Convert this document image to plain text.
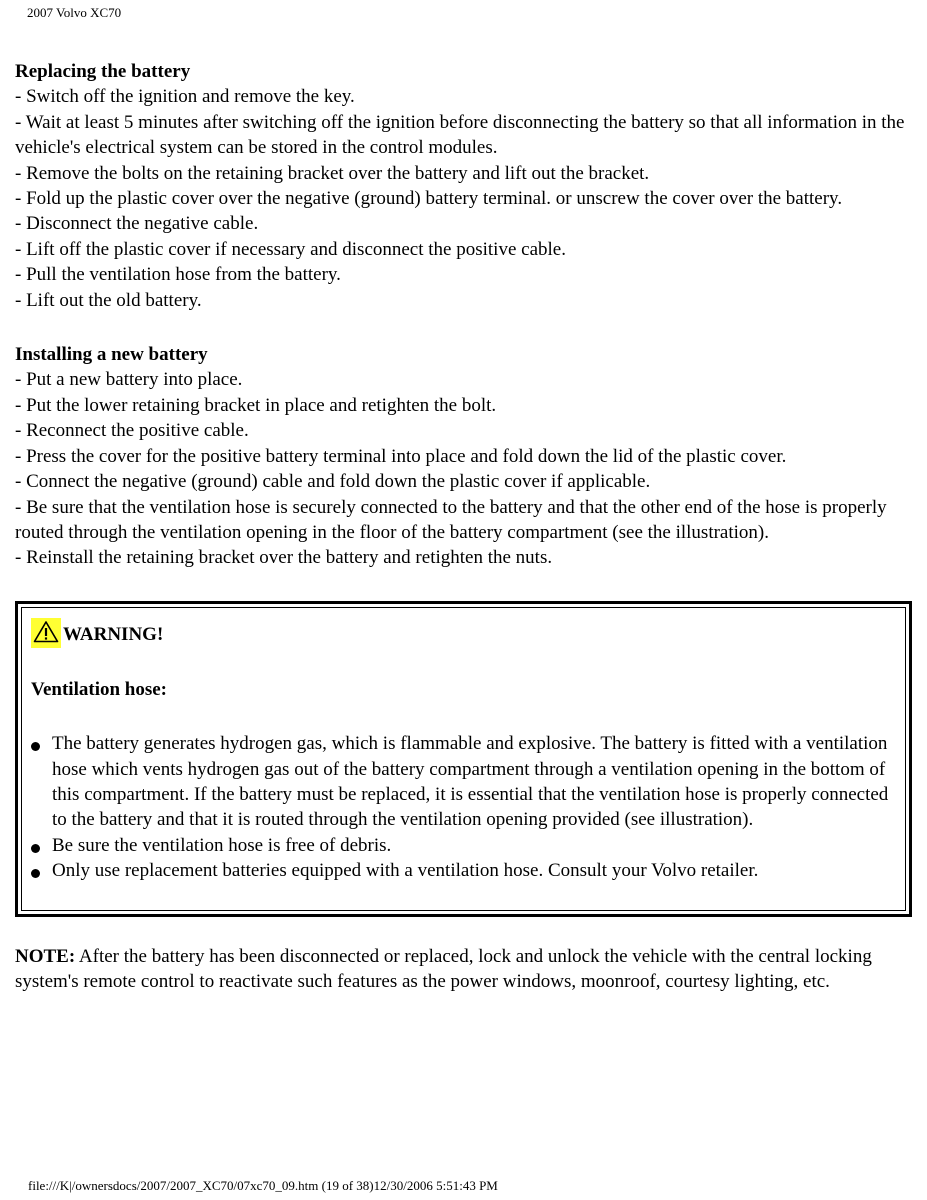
2007 Volvo XC70

Replacing the battery

- Switch off the ignition and remove the key.

- Wait at least 5 minutes after switching off the ignition before disconnecting the battery so that all information in the vehicle's electrical system can be stored in the control modules.

- Remove the bolts on the retaining bracket over the battery and lift out the bracket.

- Fold up the plastic cover over the negative (ground) battery terminal. or unscrew the cover over the battery.

- Disconnect the negative cable.

- Lift off the plastic cover if necessary and disconnect the positive cable.

- Pull the ventilation hose from the battery.

- Lift out the old battery.

Installing a new battery

- Put a new battery into place.

- Put the lower retaining bracket in place and retighten the bolt.

- Reconnect the positive cable.

- Press the cover for the positive battery terminal into place and fold down the lid of the plastic cover.

- Connect the negative (ground) cable and fold down the plastic cover if applicable.

- Be sure that the ventilation hose is securely connected to the battery and that the other end of the hose is properly routed through the ventilation opening in the floor of the battery compartment (see the illustration).

- Reinstall the retaining bracket over the battery and retighten the nuts.

WARNING!
Ventilation hose:
The battery generates hydrogen gas, which is flammable and explosive. The battery is fitted with a ventilation hose which vents hydrogen gas out of the battery compartment through a ventilation opening in the bottom of this compartment. If the battery must be replaced, it is essential that the ventilation hose is properly connected to the battery and that it is routed through the ventilation opening provided (see illustration).
Be sure the ventilation hose is free of debris.
Only use replacement batteries equipped with a ventilation hose. Consult your Volvo retailer.

NOTE: After the battery has been disconnected or replaced, lock and unlock the vehicle with the central locking system's remote control to reactivate such features as the power windows, moonroof, courtesy lighting, etc.

file:///K|/ownersdocs/2007/2007_XC70/07xc70_09.htm (19 of 38)12/30/2006 5:51:43 PM
